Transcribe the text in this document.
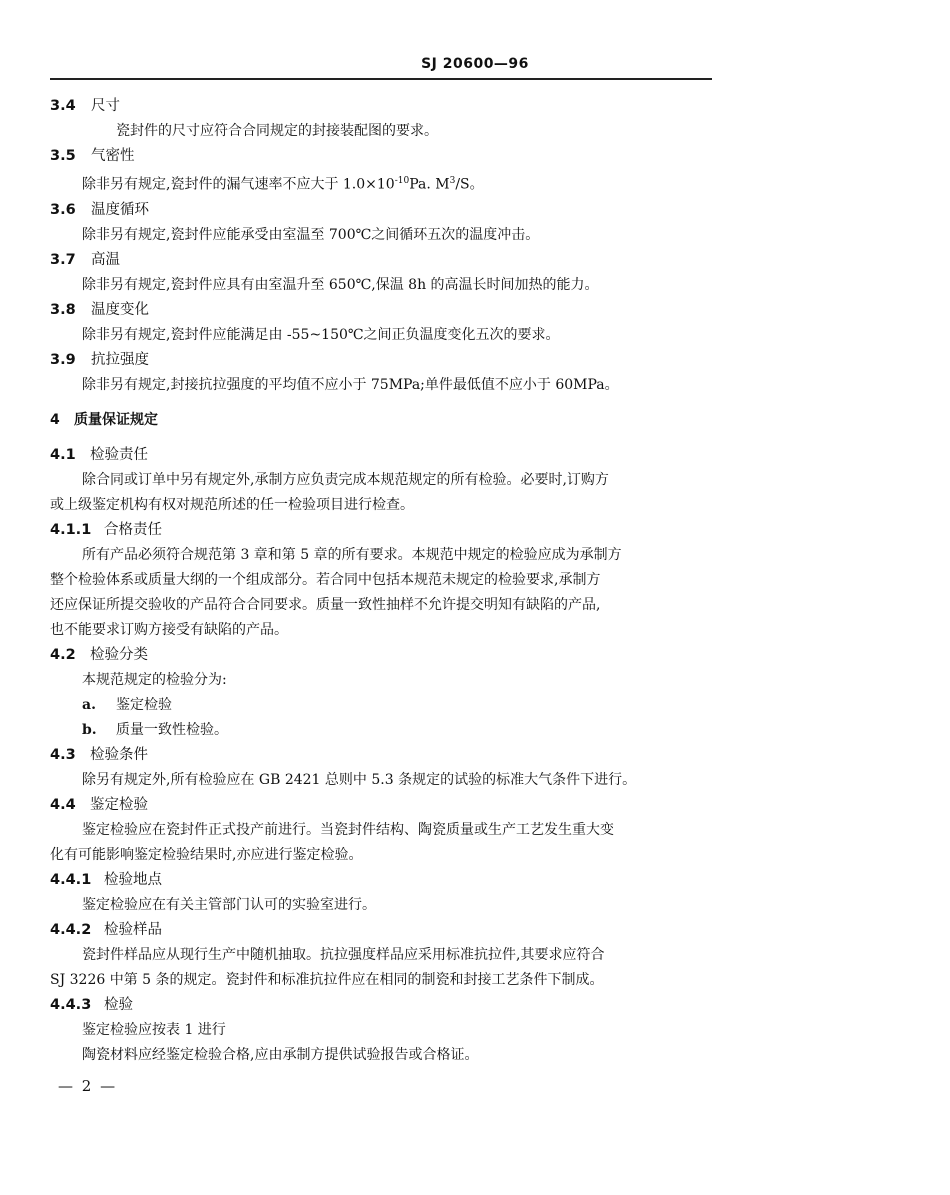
SJ 20600—96
3.4 尺寸
瓷封件的尺寸应符合合同规定的封接装配图的要求。
3.5 气密性
除非另有规定,瓷封件的漏气速率不应大于 $1.0\times 10^{-10}Pa$. $M^3/S$。
3.6 温度循环
除非另有规定,瓷封件应能承受由室温至 700℃之间循环五次的温度冲击。
3.7 高温
除非另有规定,瓷封件应具有由室温升至 650℃,保温 8h 的高温长时间加热的能力。
3.8 温度变化
除非另有规定,瓷封件应能满足由 -55~150℃之间正负温度变化五次的要求。
3.9 抗拉强度
除非另有规定,封接抗拉强度的平均值不应小于 75MPa;单件最低值不应小于 60MPa。
4 质量保证规定
4.1 检验责任
除合同或订单中另有规定外,承制方应负责完成本规范规定的所有检验。必要时,订购方
或上级鉴定机构有权对规范所述的任一检验项目进行检查。
4.1.1 合格责任
所有产品必须符合规范第 3 章和第 5 章的所有要求。本规范中规定的检验应成为承制方
整个检验体系或质量大纲的一个组成部分。若合同中包括本规范未规定的检验要求,承制方
还应保证所提交验收的产品符合合同要求。质量一致性抽样不允许提交明知有缺陷的产品,
也不能要求订购方接受有缺陷的产品。
4.2 检验分类
本规范规定的检验分为:
a. 鉴定检验
b. 质量一致性检验。
4.3 检验条件
除另有规定外,所有检验应在 GB 2421 总则中 5.3 条规定的试验的标准大气条件下进行。
4.4 鉴定检验
鉴定检验应在瓷封件正式投产前进行。当瓷封件结构、陶瓷质量或生产工艺发生重大变
化有可能影响鉴定检验结果时,亦应进行鉴定检验。
4.4.1 检验地点
鉴定检验应在有关主管部门认可的实验室进行。
4.4.2 检验样品
瓷封件样品应从现行生产中随机抽取。抗拉强度样品应采用标准抗拉件,其要求应符合
SJ 3226 中第 5 条的规定。瓷封件和标准抗拉件应在相同的制瓷和封接工艺条件下制成。
4.4.3 检验
鉴定检验应按表 1 进行
陶瓷材料应经鉴定检验合格,应由承制方提供试验报告或合格证。
— 2 —
